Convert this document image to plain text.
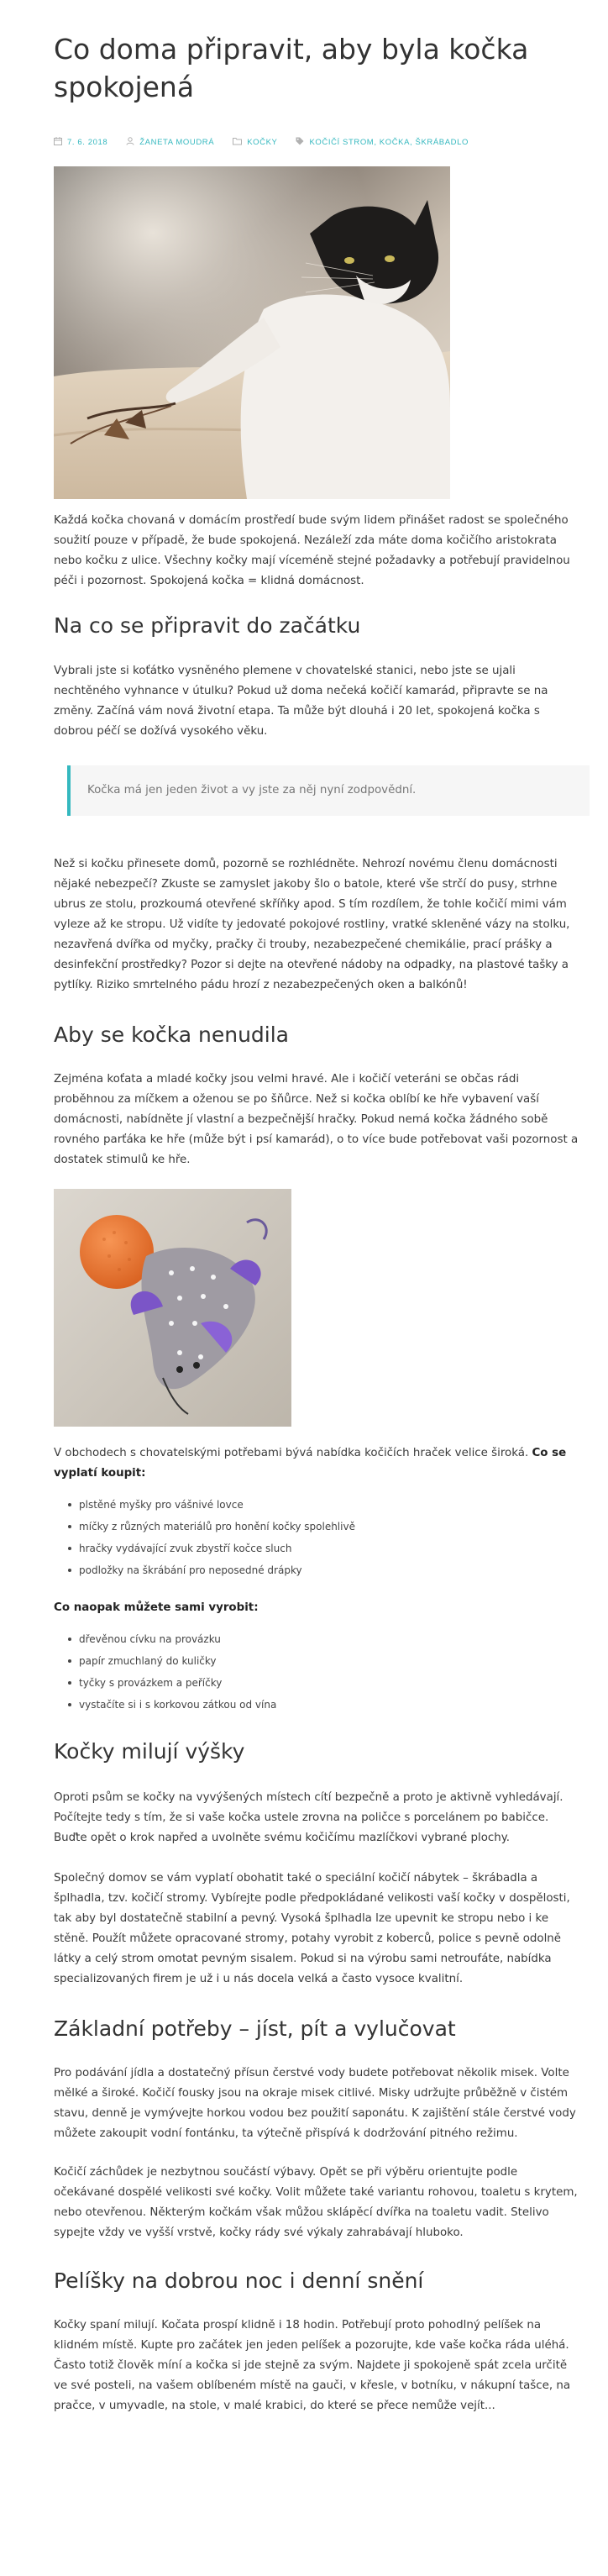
Co doma připravit, aby byla kočka spokojená
7. 6. 2018	ŽANETA MOUDRÁ	KOČKY	KOČIČÍ STROM, KOČKA, ŠKRÁBADLO

Každá kočka chovaná v domácím prostředí bude svým lidem přinášet radost se společného soužití pouze v případě, že bude spokojená. Nezáleží zda máte doma kočičího aristokrata nebo kočku z ulice. Všechny kočky mají víceméně stejné požadavky a potřebují pravidelnou péči i pozornost. Spokojená kočka = klidná domácnost.

Na co se připravit do začátku

Vybrali jste si koťátko vysněného plemene v chovatelské stanici, nebo jste se ujali nechtěného vyhnance v útulku? Pokud už doma nečeká kočičí kamarád, připravte se na změny. Začíná vám nová životní etapa. Ta může být dlouhá i 20 let, spokojená kočka s dobrou péčí se dožívá vysokého věku.

Kočka má jen jeden život a vy jste za něj nyní zodpovědní.

Než si kočku přinesete domů, pozorně se rozhlédněte. Nehrozí novému členu domácnosti nějaké nebezpečí? Zkuste se zamyslet jakoby šlo o batole, které vše strčí do pusy, strhne ubrus ze stolu, prozkoumá otevřené skříňky apod. S tím rozdílem, že tohle kočičí mimi vám vyleze až ke stropu. Už vidíte ty jedovaté pokojové rostliny, vratké skleněné vázy na stolku, nezavřená dvířka od myčky, pračky či trouby, nezabezpečené chemikálie, prací prášky a desinfekční prostředky? Pozor si dejte na otevřené nádoby na odpadky, na plastové tašky a pytlíky. Riziko smrtelného pádu hrozí z nezabezpečených oken a balkónů!

Aby se kočka nenudila

Zejména koťata a mladé kočky jsou velmi hravé. Ale i kočičí veteráni se občas rádi proběhnou za míčkem a oženou se po šňůrce. Než si kočka oblíbí ke hře vybavení vaší domácnosti, nabídněte jí vlastní a bezpečnější hračky. Pokud nemá kočka žádného sobě rovného parťáka ke hře (může být i psí kamarád), o to více bude potřebovat vaši pozornost a dostatek stimulů ke hře.

V obchodech s chovatelskými potřebami bývá nabídka kočičích hraček velice široká. Co se vyplatí koupit:

plstěné myšky pro vášnivé lovce
míčky z různých materiálů pro honění kočky spolehlivě
hračky vydávající zvuk zbystří kočce sluch
podložky na škrábání pro neposedné drápky

Co naopak můžete sami vyrobit:

dřevěnou cívku na provázku
papír zmuchlaný do kuličky
tyčky s provázkem a peříčky
vystačíte si i s korkovou zátkou od vína
Kočky milují výšky

Oproti psům se kočky na vyvýšených místech cítí bezpečně a proto je aktivně vyhledávají. Počítejte tedy s tím, že si vaše kočka ustele zrovna na poličce s porcelánem po babičce. Buďte opět o krok napřed a uvolněte svému kočičímu mazlíčkovi vybrané plochy.

Společný domov se vám vyplatí obohatit také o speciální kočičí nábytek – škrábadla a šplhadla, tzv. kočičí stromy. Vybírejte podle předpokládané velikosti vaší kočky v dospělosti, tak aby byl dostatečně stabilní a pevný. Vysoká šplhadla lze upevnit ke stropu nebo i ke stěně. Použít můžete opracované stromy, potahy vyrobit z koberců, police s pevně odolně látky a celý strom omotat pevným sisalem. Pokud si na výrobu sami netroufáte, nabídka specializovaných firem je už i u nás docela velká a často vysoce kvalitní.

Základní potřeby – jíst, pít a vylučovat

Pro podávání jídla a dostatečný přísun čerstvé vody budete potřebovat několik misek. Volte mělké a široké. Kočičí fousky jsou na okraje misek citlivé. Misky udržujte průběžně v čistém stavu, denně je vymývejte horkou vodou bez použití saponátu. K zajištění stále čerstvé vody můžete zakoupit vodní fontánku, ta výtečně přispívá k dodržování pitného režimu.

Kočičí záchůdek je nezbytnou součástí výbavy. Opět se při výběru orientujte podle očekávané dospělé velikosti své kočky. Volit můžete také variantu rohovou, toaletu s krytem, nebo otevřenou. Některým kočkám však můžou sklápěcí dvířka na toaletu vadit. Stelivo sypejte vždy ve vyšší vrstvě, kočky rády své výkaly zahrabávají hluboko.

Pelíšky na dobrou noc i denní snění

Kočky spaní milují. Kočata prospí klidně i 18 hodin. Potřebují proto pohodlný pelíšek na klidném místě. Kupte pro začátek jen jeden pelíšek a pozorujte, kde vaše kočka ráda uléhá. Často totiž člověk míní a kočka si jde stejně za svým. Najdete ji spokojeně spát zcela určitě ve své posteli, na vašem oblíbeném místě na gauči, v křesle, v botníku, v nákupní tašce, na pračce, v umyvadle, na stole, v malé krabici, do které se přece nemůže vejít...
